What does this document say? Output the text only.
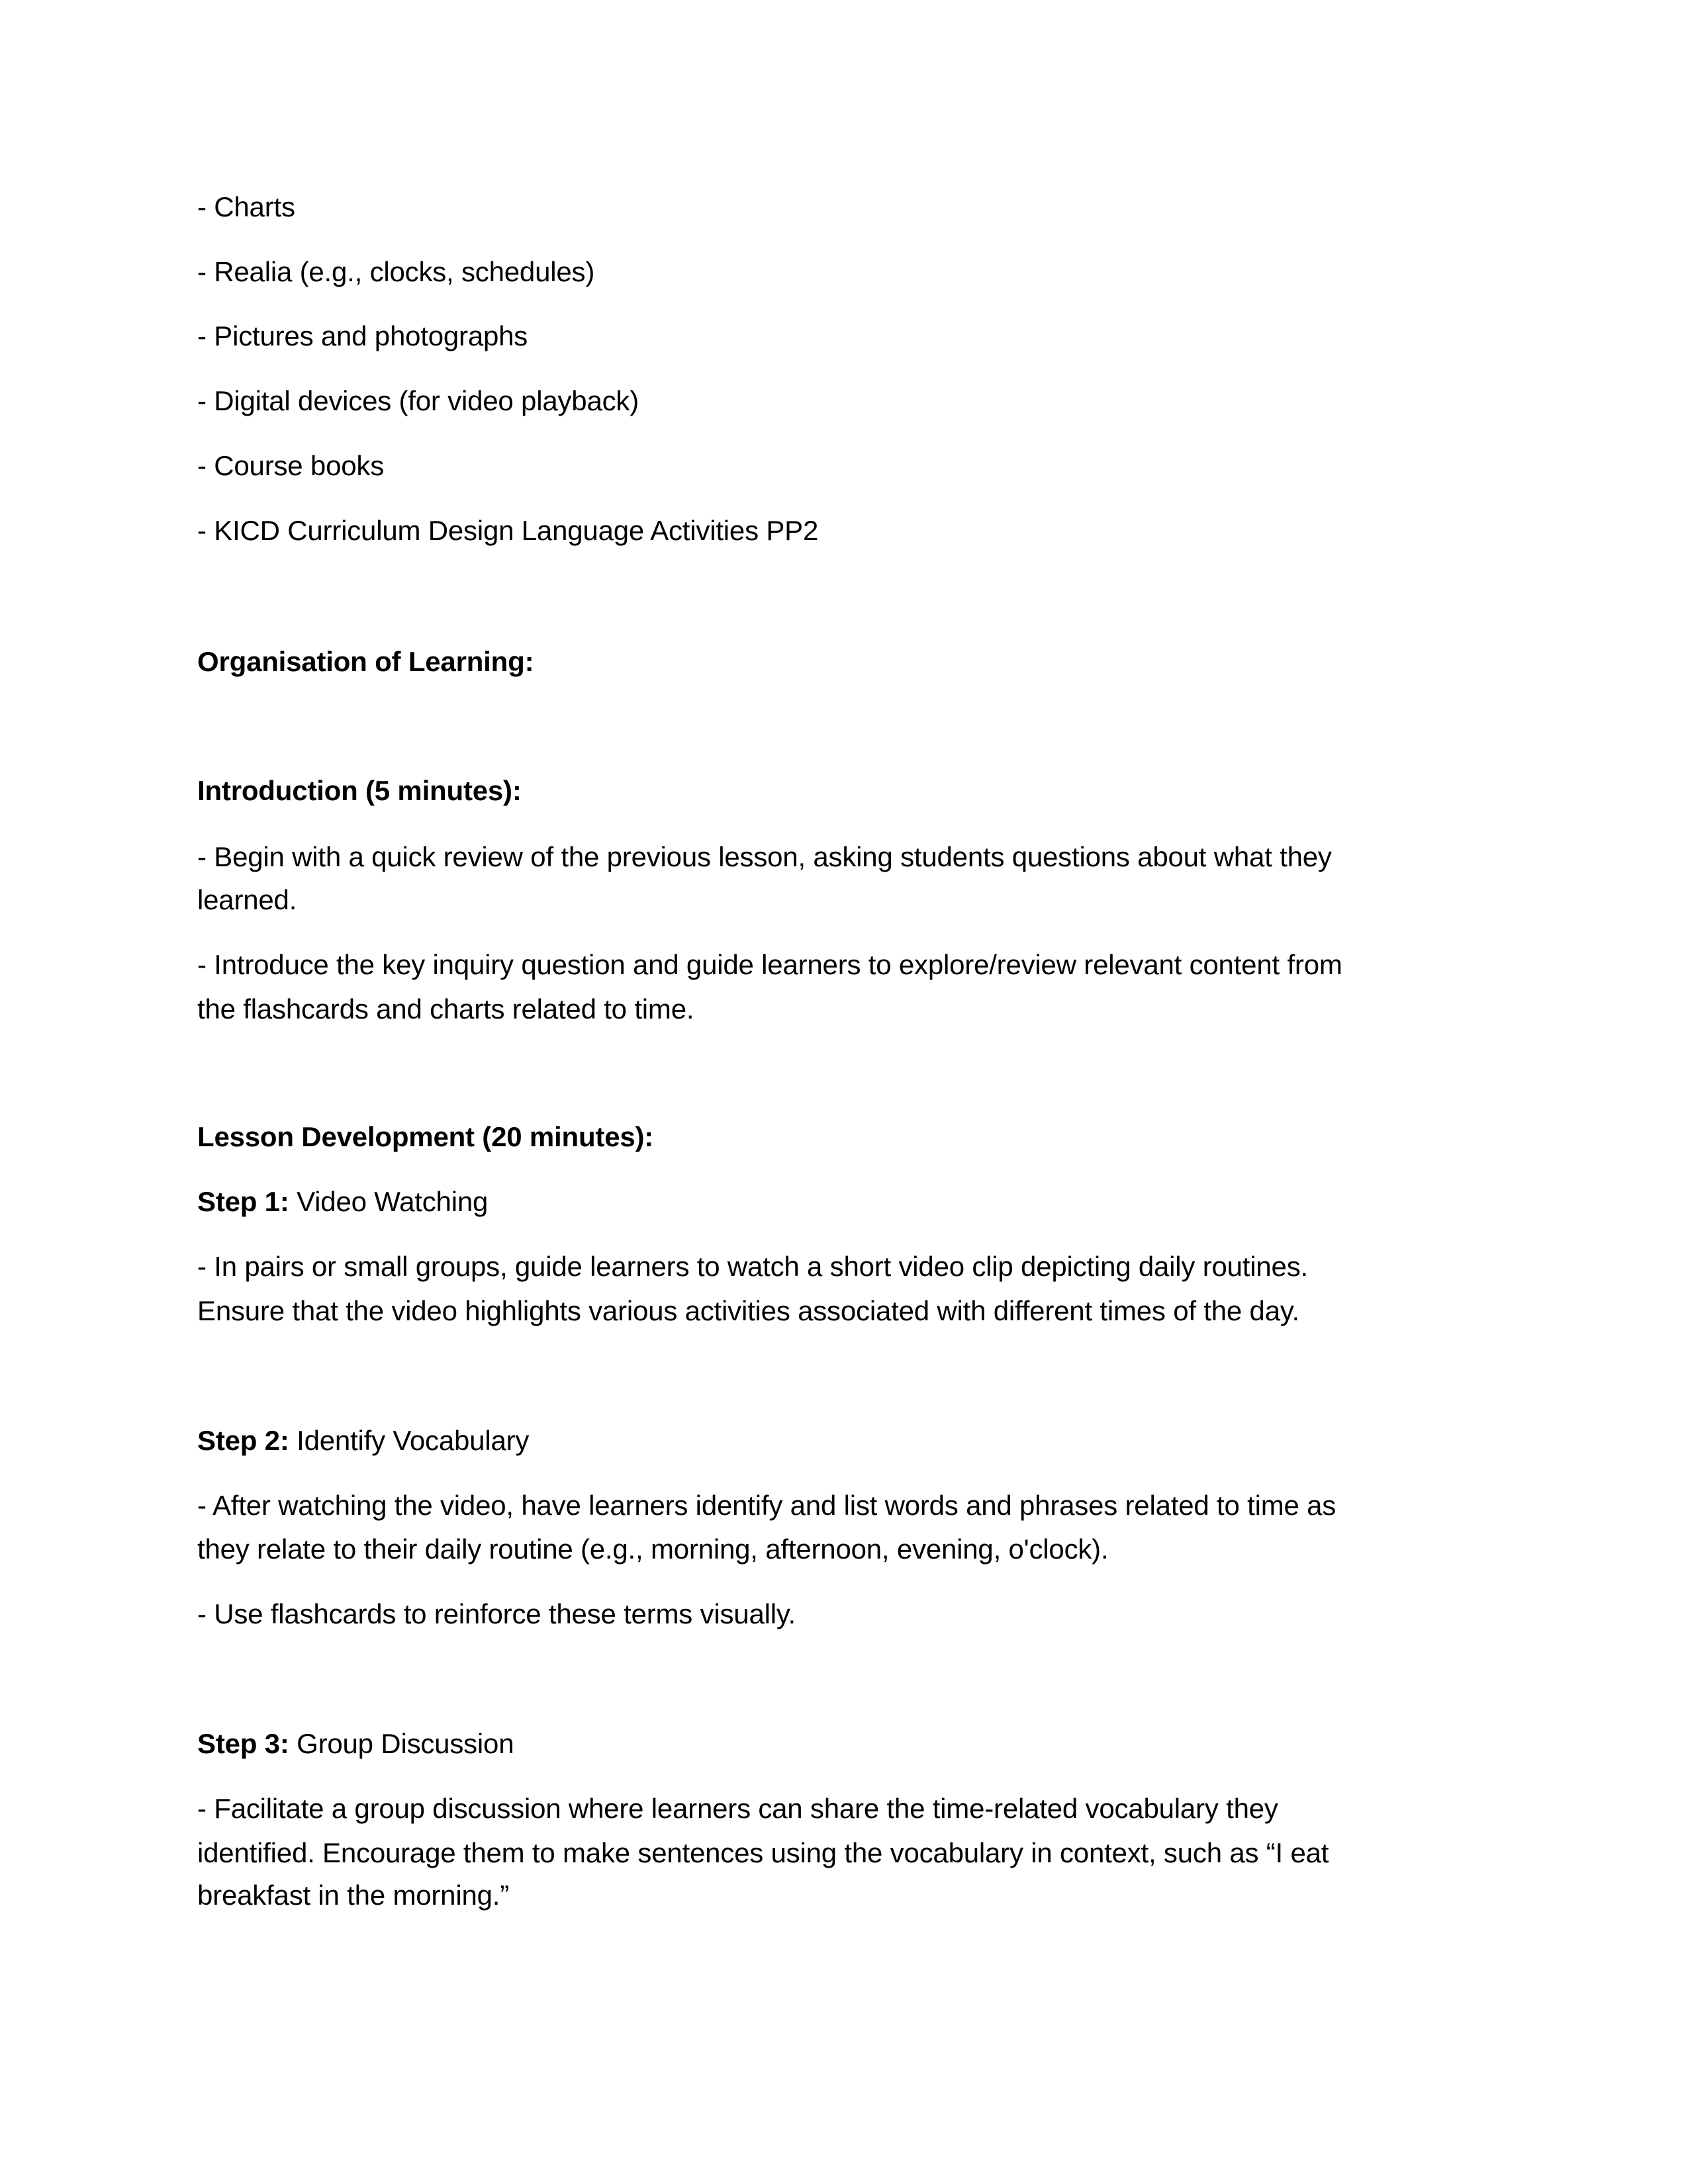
- Charts
- Realia (e.g., clocks, schedules)
- Pictures and photographs
- Digital devices (for video playback)
- Course books
- KICD Curriculum Design Language Activities PP2
Organisation of Learning:
Introduction (5 minutes):
- Begin with a quick review of the previous lesson, asking students questions about what they
learned.
- Introduce the key inquiry question and guide learners to explore/review relevant content from
the flashcards and charts related to time.
Lesson Development (20 minutes):
Step 1: Video Watching
- In pairs or small groups, guide learners to watch a short video clip depicting daily routines.
Ensure that the video highlights various activities associated with different times of the day.
Step 2: Identify Vocabulary
- After watching the video, have learners identify and list words and phrases related to time as
they relate to their daily routine (e.g., morning, afternoon, evening, o'clock).
- Use flashcards to reinforce these terms visually.
Step 3: Group Discussion
- Facilitate a group discussion where learners can share the time-related vocabulary they
identified. Encourage them to make sentences using the vocabulary in context, such as “I eat
breakfast in the morning.”
